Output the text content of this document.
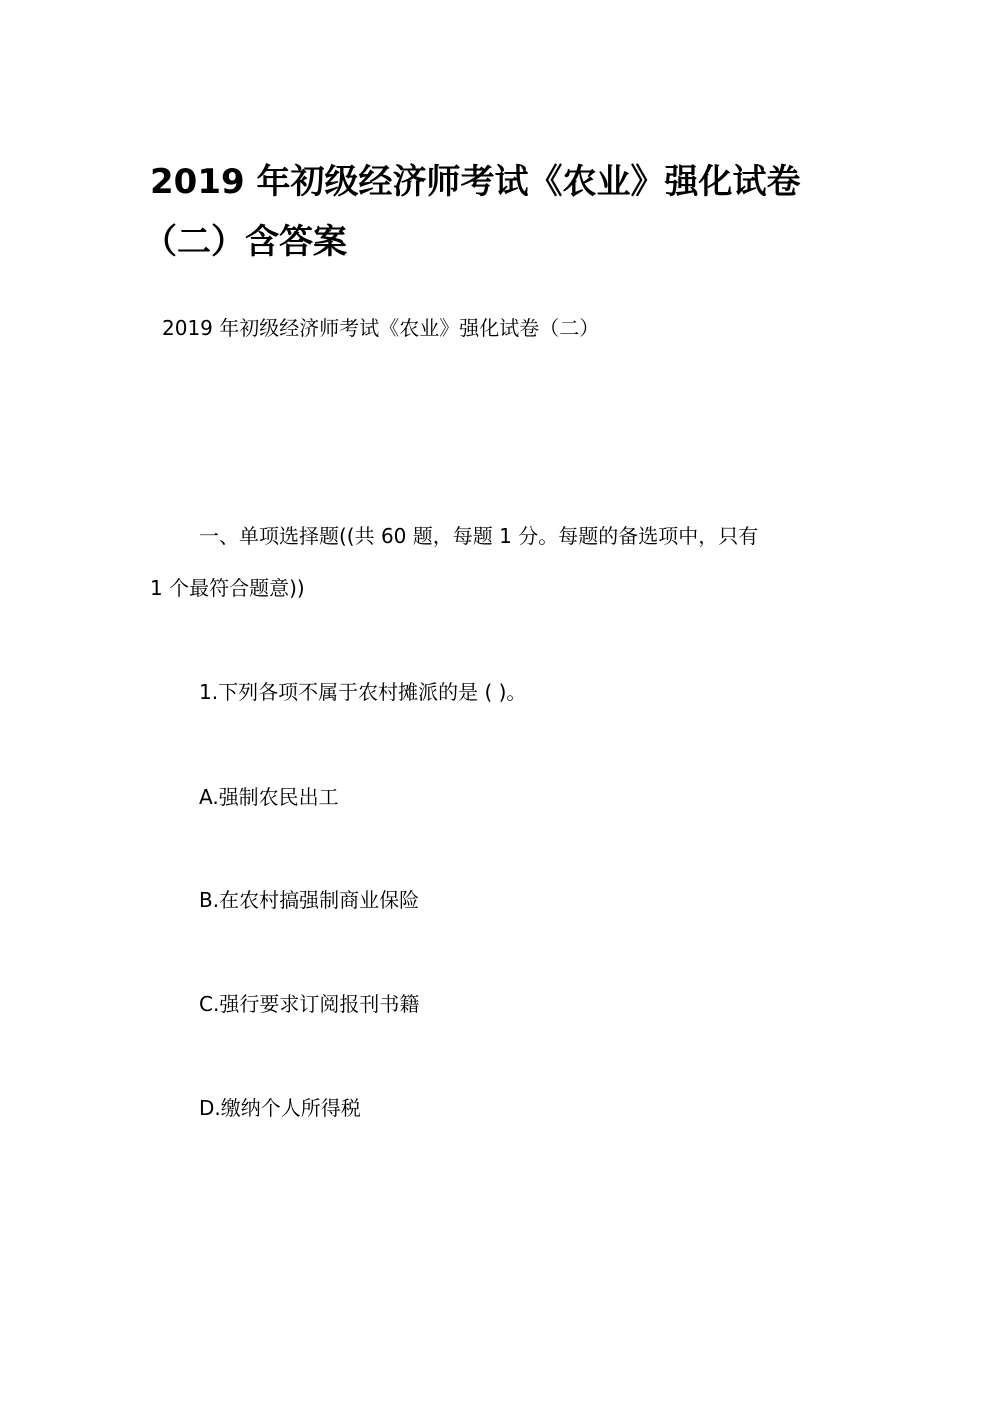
2019 年初级经济师考试《农业》强化试卷
（二）含答案
2019 年初级经济师考试《农业》强化试卷（二）
一、单项选择题((共 60 题，每题 1 分。每题的备选项中，只有
1 个最符合题意))
1.下列各项不属于农村摊派的是 ( )。
A.强制农民出工
B.在农村搞强制商业保险
C.强行要求订阅报刊书籍
D.缴纳个人所得税
